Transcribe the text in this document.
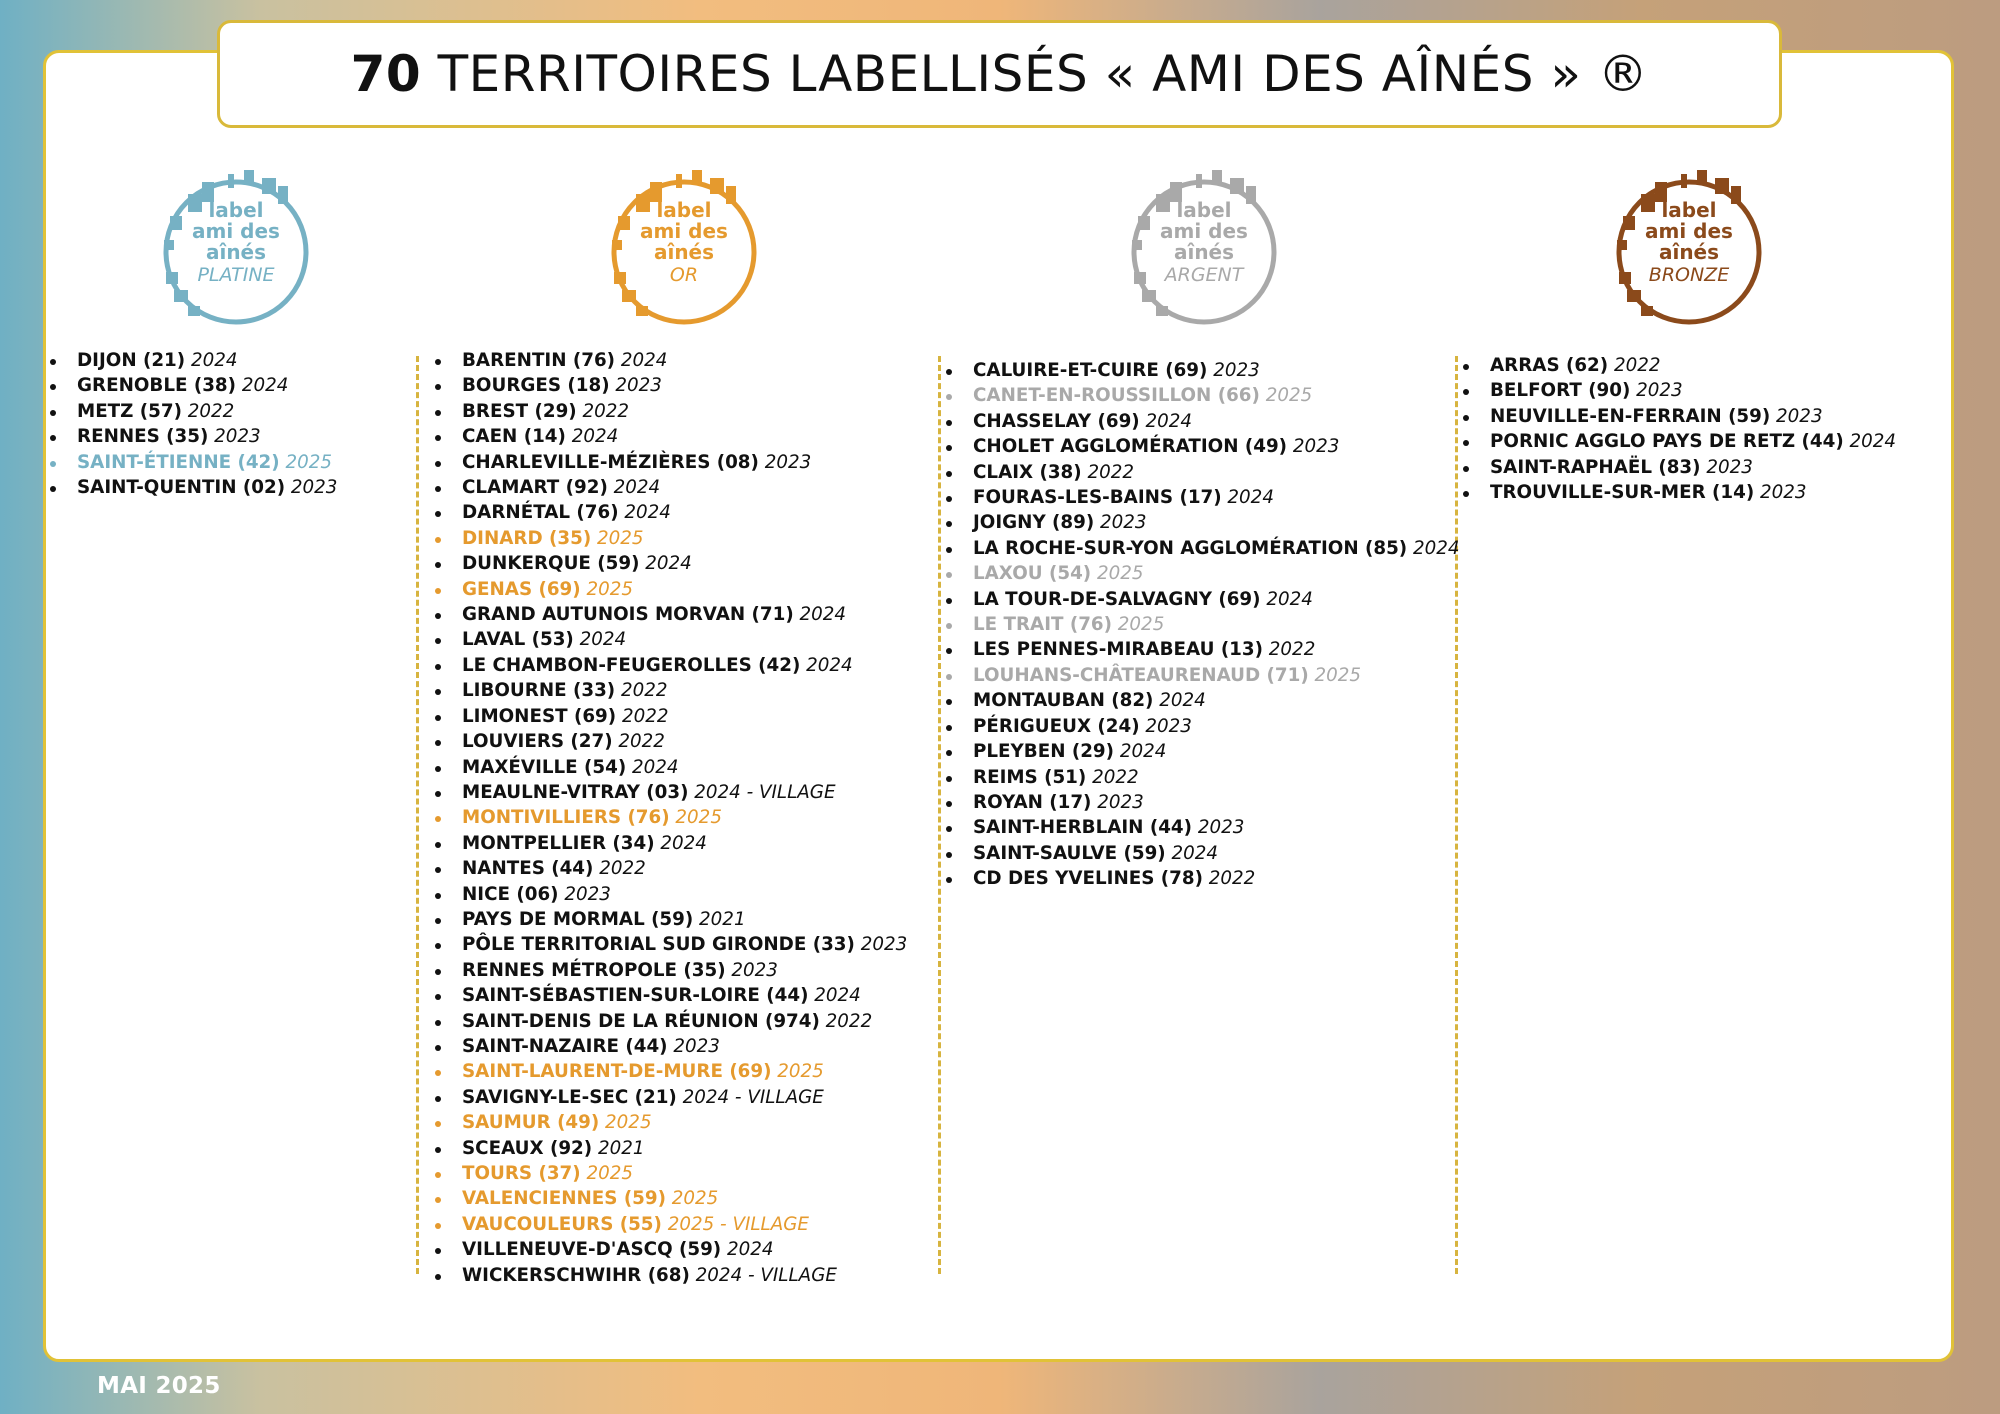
70 TERRITOIRES LABELLISÉS « AMI DES AÎNÉS » ®
label
ami des
aînés
PLATINE
label
ami des
aînés
OR
label
ami des
aînés
ARGENT
label
ami des
aînés
BRONZE
DIJON (21) 2024
GRENOBLE (38) 2024
METZ (57) 2022
RENNES (35) 2023
SAINT-ÉTIENNE (42) 2025
SAINT-QUENTIN (02) 2023
BARENTIN (76) 2024
BOURGES (18) 2023
BREST (29) 2022
CAEN (14) 2024
CHARLEVILLE-MÉZIÈRES (08) 2023
CLAMART (92) 2024
DARNÉTAL (76) 2024
DINARD (35) 2025
DUNKERQUE (59) 2024
GENAS (69) 2025
GRAND AUTUNOIS MORVAN (71) 2024
LAVAL (53) 2024
LE CHAMBON-FEUGEROLLES (42) 2024
LIBOURNE (33) 2022
LIMONEST (69) 2022
LOUVIERS (27) 2022
MAXÉVILLE (54) 2024
MEAULNE-VITRAY (03) 2024 - VILLAGE
MONTIVILLIERS (76) 2025
MONTPELLIER (34) 2024
NANTES (44) 2022
NICE (06) 2023
PAYS DE MORMAL (59) 2021
PÔLE TERRITORIAL SUD GIRONDE (33) 2023
RENNES MÉTROPOLE (35) 2023
SAINT-SÉBASTIEN-SUR-LOIRE (44) 2024
SAINT-DENIS DE LA RÉUNION (974) 2022
SAINT-NAZAIRE (44) 2023
SAINT-LAURENT-DE-MURE (69) 2025
SAVIGNY-LE-SEC (21) 2024 - VILLAGE
SAUMUR (49) 2025
SCEAUX (92) 2021
TOURS (37) 2025
VALENCIENNES (59) 2025
VAUCOULEURS (55) 2025 - VILLAGE
VILLENEUVE-D'ASCQ (59) 2024
WICKERSCHWIHR (68) 2024 - VILLAGE
CALUIRE-ET-CUIRE (69) 2023
CANET-EN-ROUSSILLON (66) 2025
CHASSELAY (69) 2024
CHOLET AGGLOMÉRATION (49) 2023
CLAIX (38) 2022
FOURAS-LES-BAINS (17) 2024
JOIGNY (89) 2023
LA ROCHE-SUR-YON AGGLOMÉRATION (85) 2024
LAXOU (54) 2025
LA TOUR-DE-SALVAGNY (69) 2024
LE TRAIT (76) 2025
LES PENNES-MIRABEAU (13) 2022
LOUHANS-CHÂTEAURENAUD (71) 2025
MONTAUBAN (82) 2024
PÉRIGUEUX (24) 2023
PLEYBEN (29) 2024
REIMS (51) 2022
ROYAN (17) 2023
SAINT-HERBLAIN (44) 2023
SAINT-SAULVE (59) 2024
CD DES YVELINES (78) 2022
ARRAS (62) 2022
BELFORT (90) 2023
NEUVILLE-EN-FERRAIN (59) 2023
PORNIC AGGLO PAYS DE RETZ (44) 2024
SAINT-RAPHAËL (83) 2023
TROUVILLE-SUR-MER (14) 2023
MAI 2025
